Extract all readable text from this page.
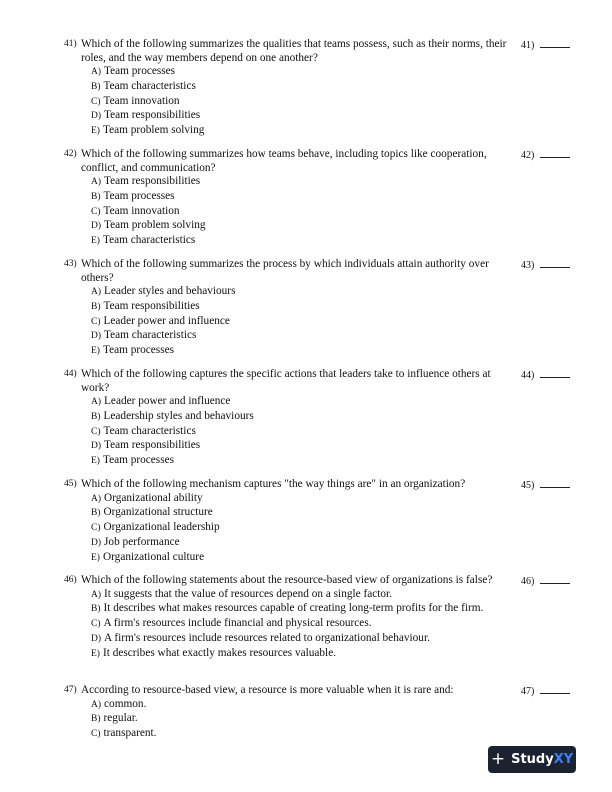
41) Which of the following summarizes the qualities that teams possess, such as their norms, their roles, and the way members depend on one another?
41)
A) Team processes
B) Team characteristics
C) Team innovation
D) Team responsibilities
E) Team problem solving
42) Which of the following summarizes how teams behave, including topics like cooperation, conflict, and communication?
42)
A) Team responsibilities
B) Team processes
C) Team innovation
D) Team problem solving
E) Team characteristics
43) Which of the following summarizes the process by which individuals attain authority over others?
43)
A) Leader styles and behaviours
B) Team responsibilities
C) Leader power and influence
D) Team characteristics
E) Team processes
44) Which of the following captures the specific actions that leaders take to influence others at work?
44)
A) Leader power and influence
B) Leadership styles and behaviours
C) Team characteristics
D) Team responsibilities
E) Team processes
45) Which of the following mechanism captures "the way things are" in an organization?	45)
A) Organizational ability
B) Organizational structure
C) Organizational leadership
D) Job performance
E) Organizational culture
46) Which of the following statements about the resource-based view of organizations is false?	46)
A) It suggests that the value of resources depend on a single factor.
B) It describes what makes resources capable of creating long-term profits for the firm.
C) A firm's resources include financial and physical resources.
D) A firm's resources include resources related to organizational behaviour.
E) It describes what exactly makes resources valuable.
47) According to resource-based view, a resource is more valuable when it is rare and:	47)
A) common.
B) regular.
C) transparent.
+ Study XY
